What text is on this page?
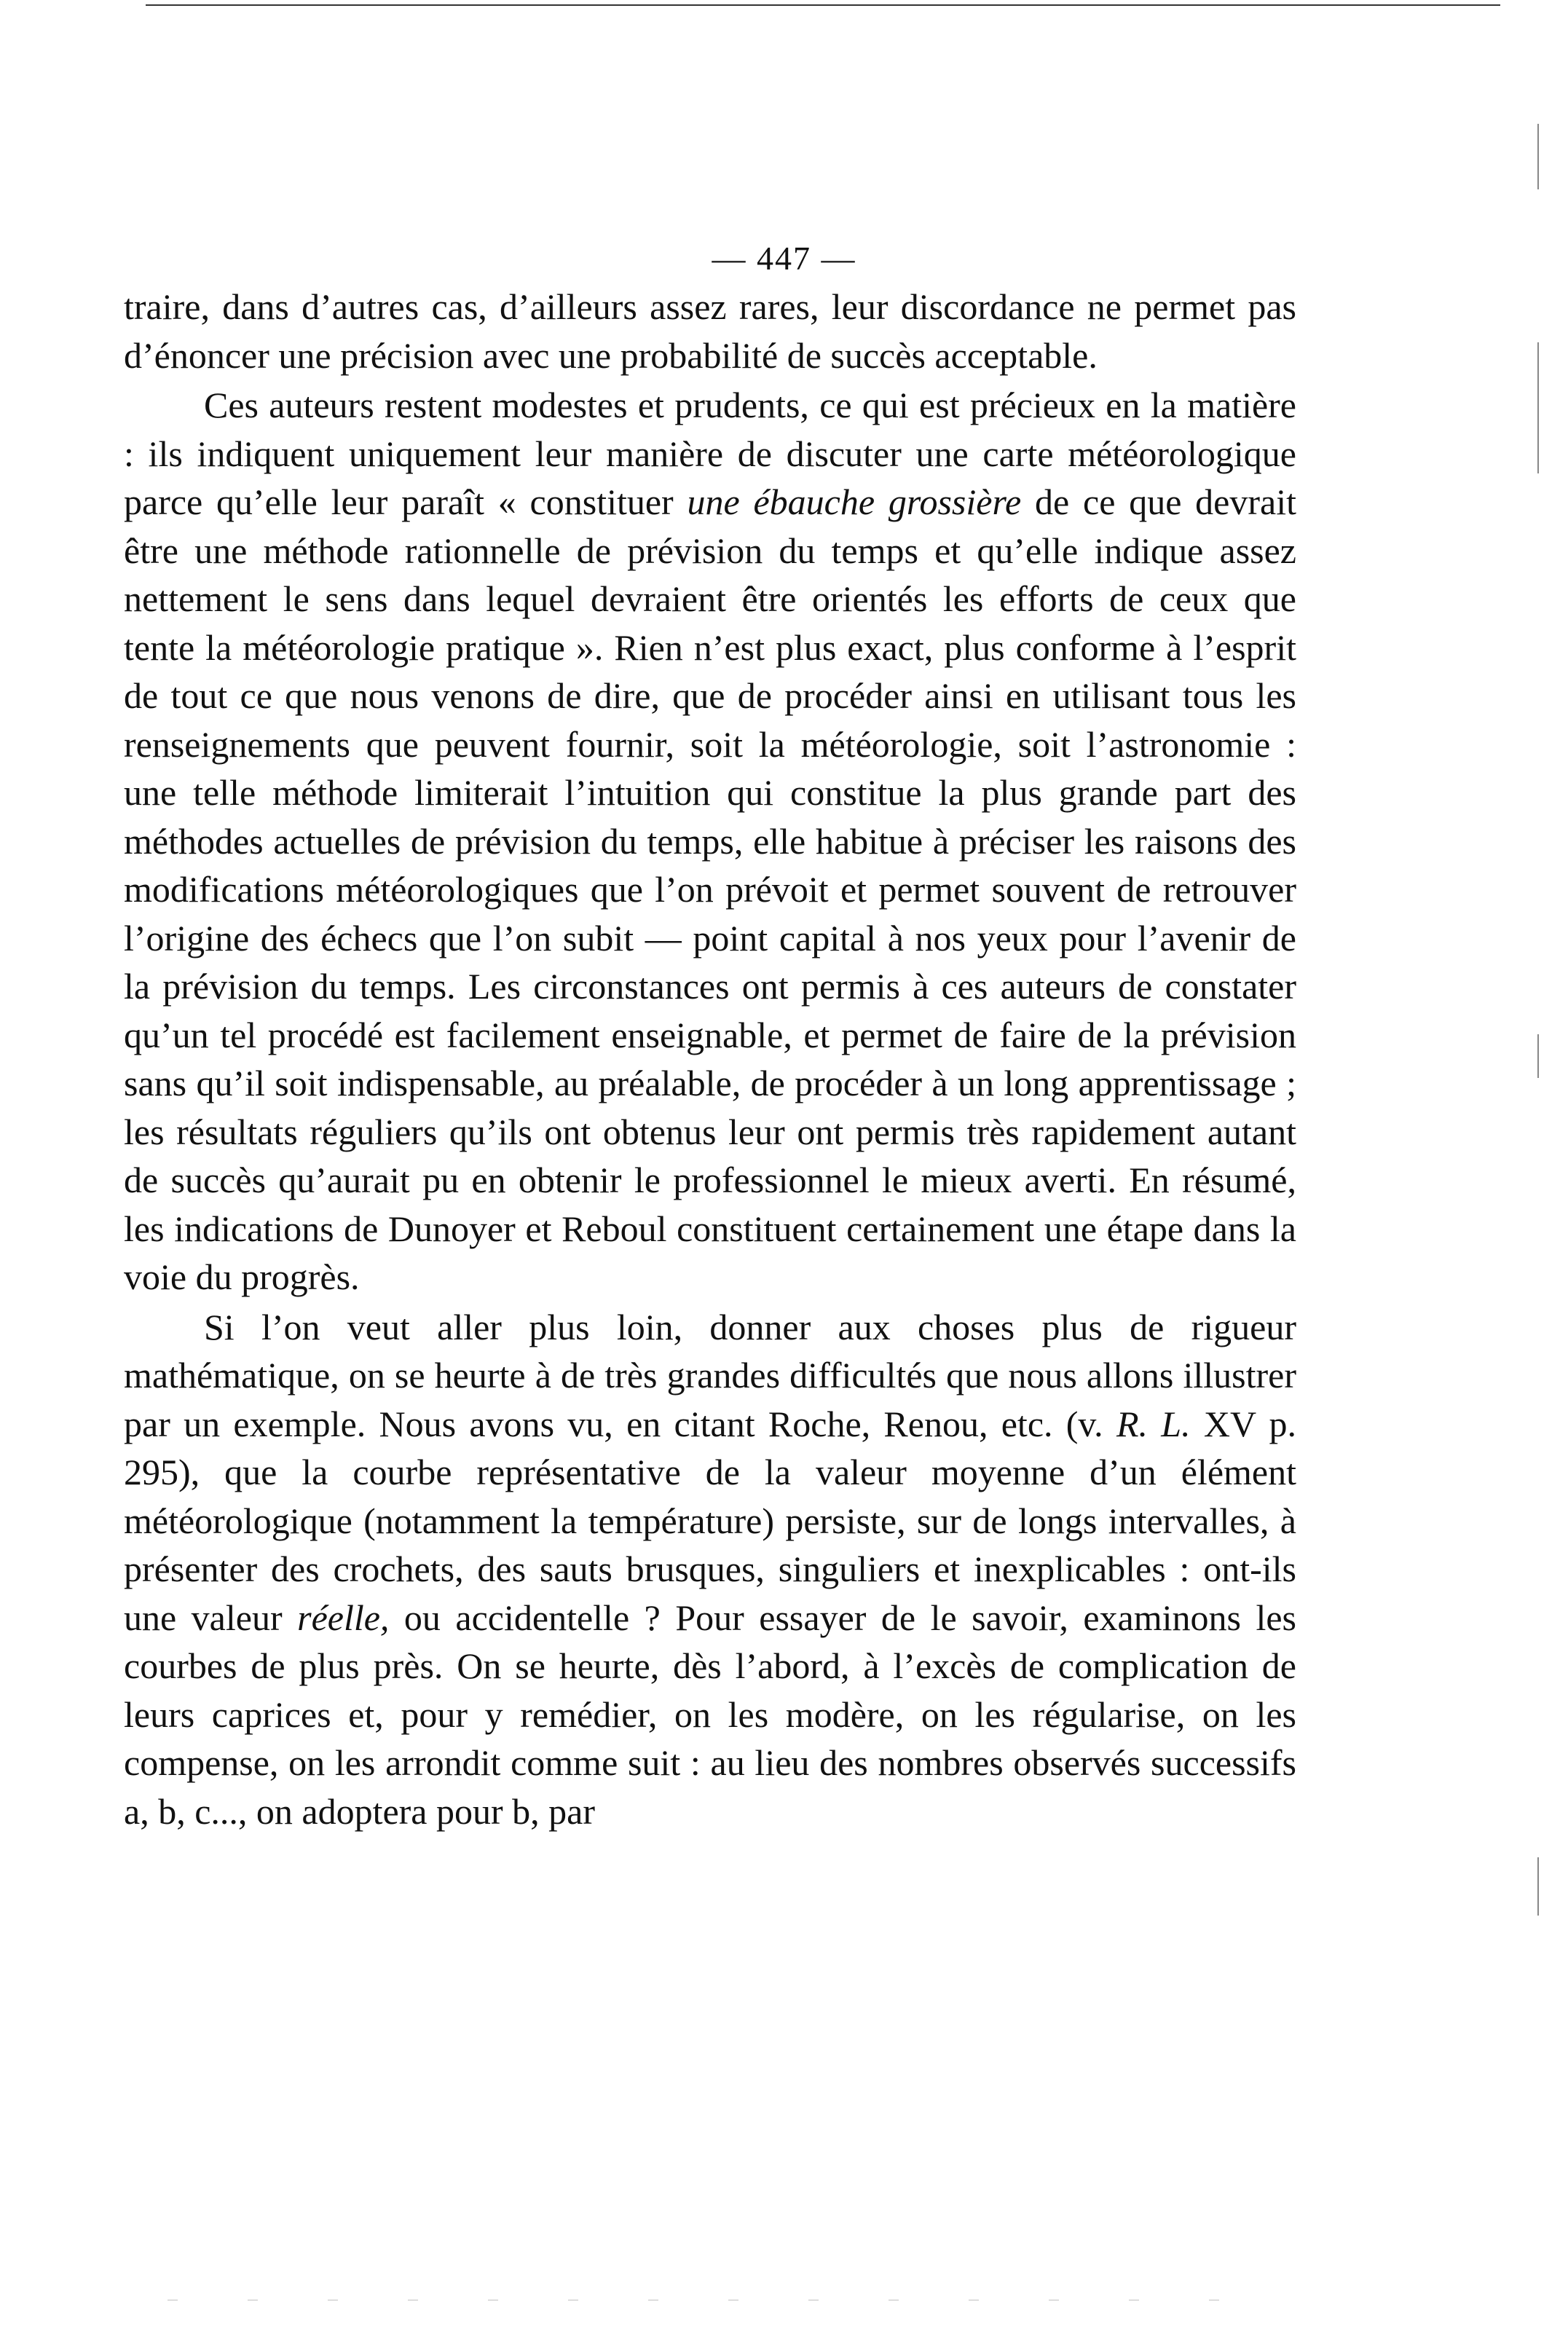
— 447 —

traire, dans d’autres cas, d’ailleurs assez rares, leur discordance ne permet pas d’énoncer une précision avec une probabilité de succès acceptable.

Ces auteurs restent modestes et prudents, ce qui est précieux en la matière : ils indiquent uniquement leur manière de discuter une carte météorologique parce qu’elle leur paraît « constituer une ébauche grossière de ce que devrait être une méthode rationnelle de prévision du temps et qu’elle indique assez nettement le sens dans lequel devraient être orientés les efforts de ceux que tente la météorologie pratique ». Rien n’est plus exact, plus conforme à l’esprit de tout ce que nous venons de dire, que de procéder ainsi en utilisant tous les renseignements que peuvent fournir, soit la météorologie, soit l’astronomie : une telle méthode limiterait l’intuition qui constitue la plus grande part des méthodes actuelles de prévision du temps, elle habitue à préciser les raisons des modifications météorologiques que l’on prévoit et permet souvent de retrouver l’origine des échecs que l’on subit — point capital à nos yeux pour l’avenir de la prévision du temps. Les circonstances ont permis à ces auteurs de constater qu’un tel procédé est facilement enseignable, et permet de faire de la prévision sans qu’il soit indispensable, au préalable, de procéder à un long apprentissage ; les résultats réguliers qu’ils ont obtenus leur ont permis très rapidement autant de succès qu’aurait pu en obtenir le professionnel le mieux averti. En résumé, les indications de Dunoyer et Reboul constituent certainement une étape dans la voie du progrès.

Si l’on veut aller plus loin, donner aux choses plus de rigueur mathématique, on se heurte à de très grandes difficultés que nous allons illustrer par un exemple. Nous avons vu, en citant Roche, Renou, etc. (v. R. L. XV p. 295), que la courbe représentative de la valeur moyenne d’un élément météorologique (notamment la température) persiste, sur de longs intervalles, à présenter des crochets, des sauts brusques, singuliers et inexplicables : ont-ils une valeur réelle, ou accidentelle ? Pour essayer de le savoir, examinons les courbes de plus près. On se heurte, dès l’abord, à l’excès de complication de leurs caprices et, pour y remédier, on les modère, on les régularise, on les compense, on les arrondit comme suit : au lieu des nombres observés successifs a, b, c..., on adoptera pour b, par
